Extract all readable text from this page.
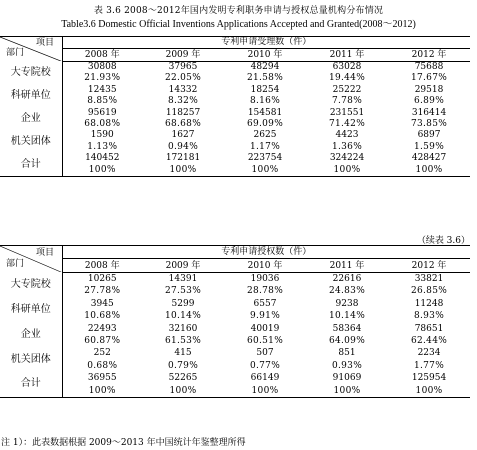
表 3.6 2008～2012年国内发明专利职务申请与授权总量机构分布情况
Table3.6 Domestic Official Inventions Applications Accepted and Granted(2008～2012)
项目
部门	专利申请受理数（件）				
	2008 年	2009 年	2010 年	2011 年	2012 年
大专院校	30808	37965	48294	63028	75688
	21.93%	22.05%	21.58%	19.44%	17.67%
科研单位	12435	14332	18254	25222	29518
	8.85%	8.32%	8.16%	7.78%	6.89%
企业	95619	118257	154581	231551	316414
	68.08%	68.68%	69.09%	71.42%	73.85%
机关团体	1590	1627	2625	4423	6897
	1.13%	0.94%	1.17%	1.36%	1.59%
合计	140452	172181	223754	324224	428427
	100%	100%	100%	100%	100%
（续表 3.6）
项目
部门	专利申请授权数（件）				
	2008 年	2009 年	2010 年	2011 年	2012 年
大专院校	10265	14391	19036	22616	33821
	27.78%	27.53%	28.78%	24.83%	26.85%
科研单位	3945	5299	6557	9238	11248
	10.68%	10.14%	9.91%	10.14%	8.93%
企业	22493	32160	40019	58364	78651
	60.87%	61.53%	60.51%	64.09%	62.44%
机关团体	252	415	507	851	2234
	0.68%	0.79%	0.77%	0.93%	1.77%
合计	36955	52265	66149	91069	125954
	100%	100%	100%	100%	100%
注 1）：此表数据根据 2009～2013 年中国统计年鉴整理所得
